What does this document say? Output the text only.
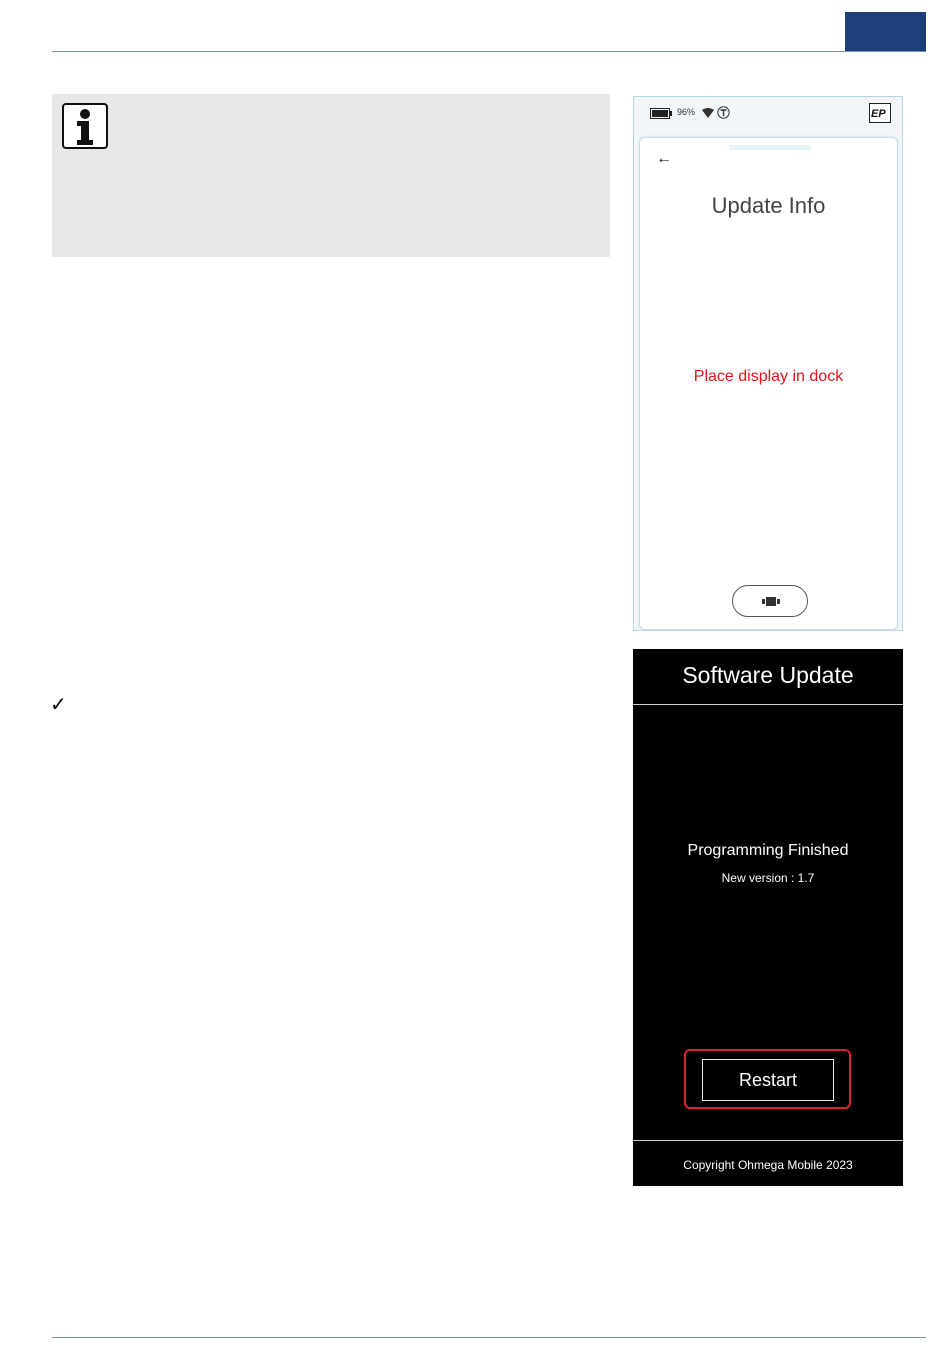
✓
96%	EP
←
Update Info
Place display in dock
Software Update
Programming Finished
New version : 1.7
Restart
Copyright Ohmega Mobile 2023
